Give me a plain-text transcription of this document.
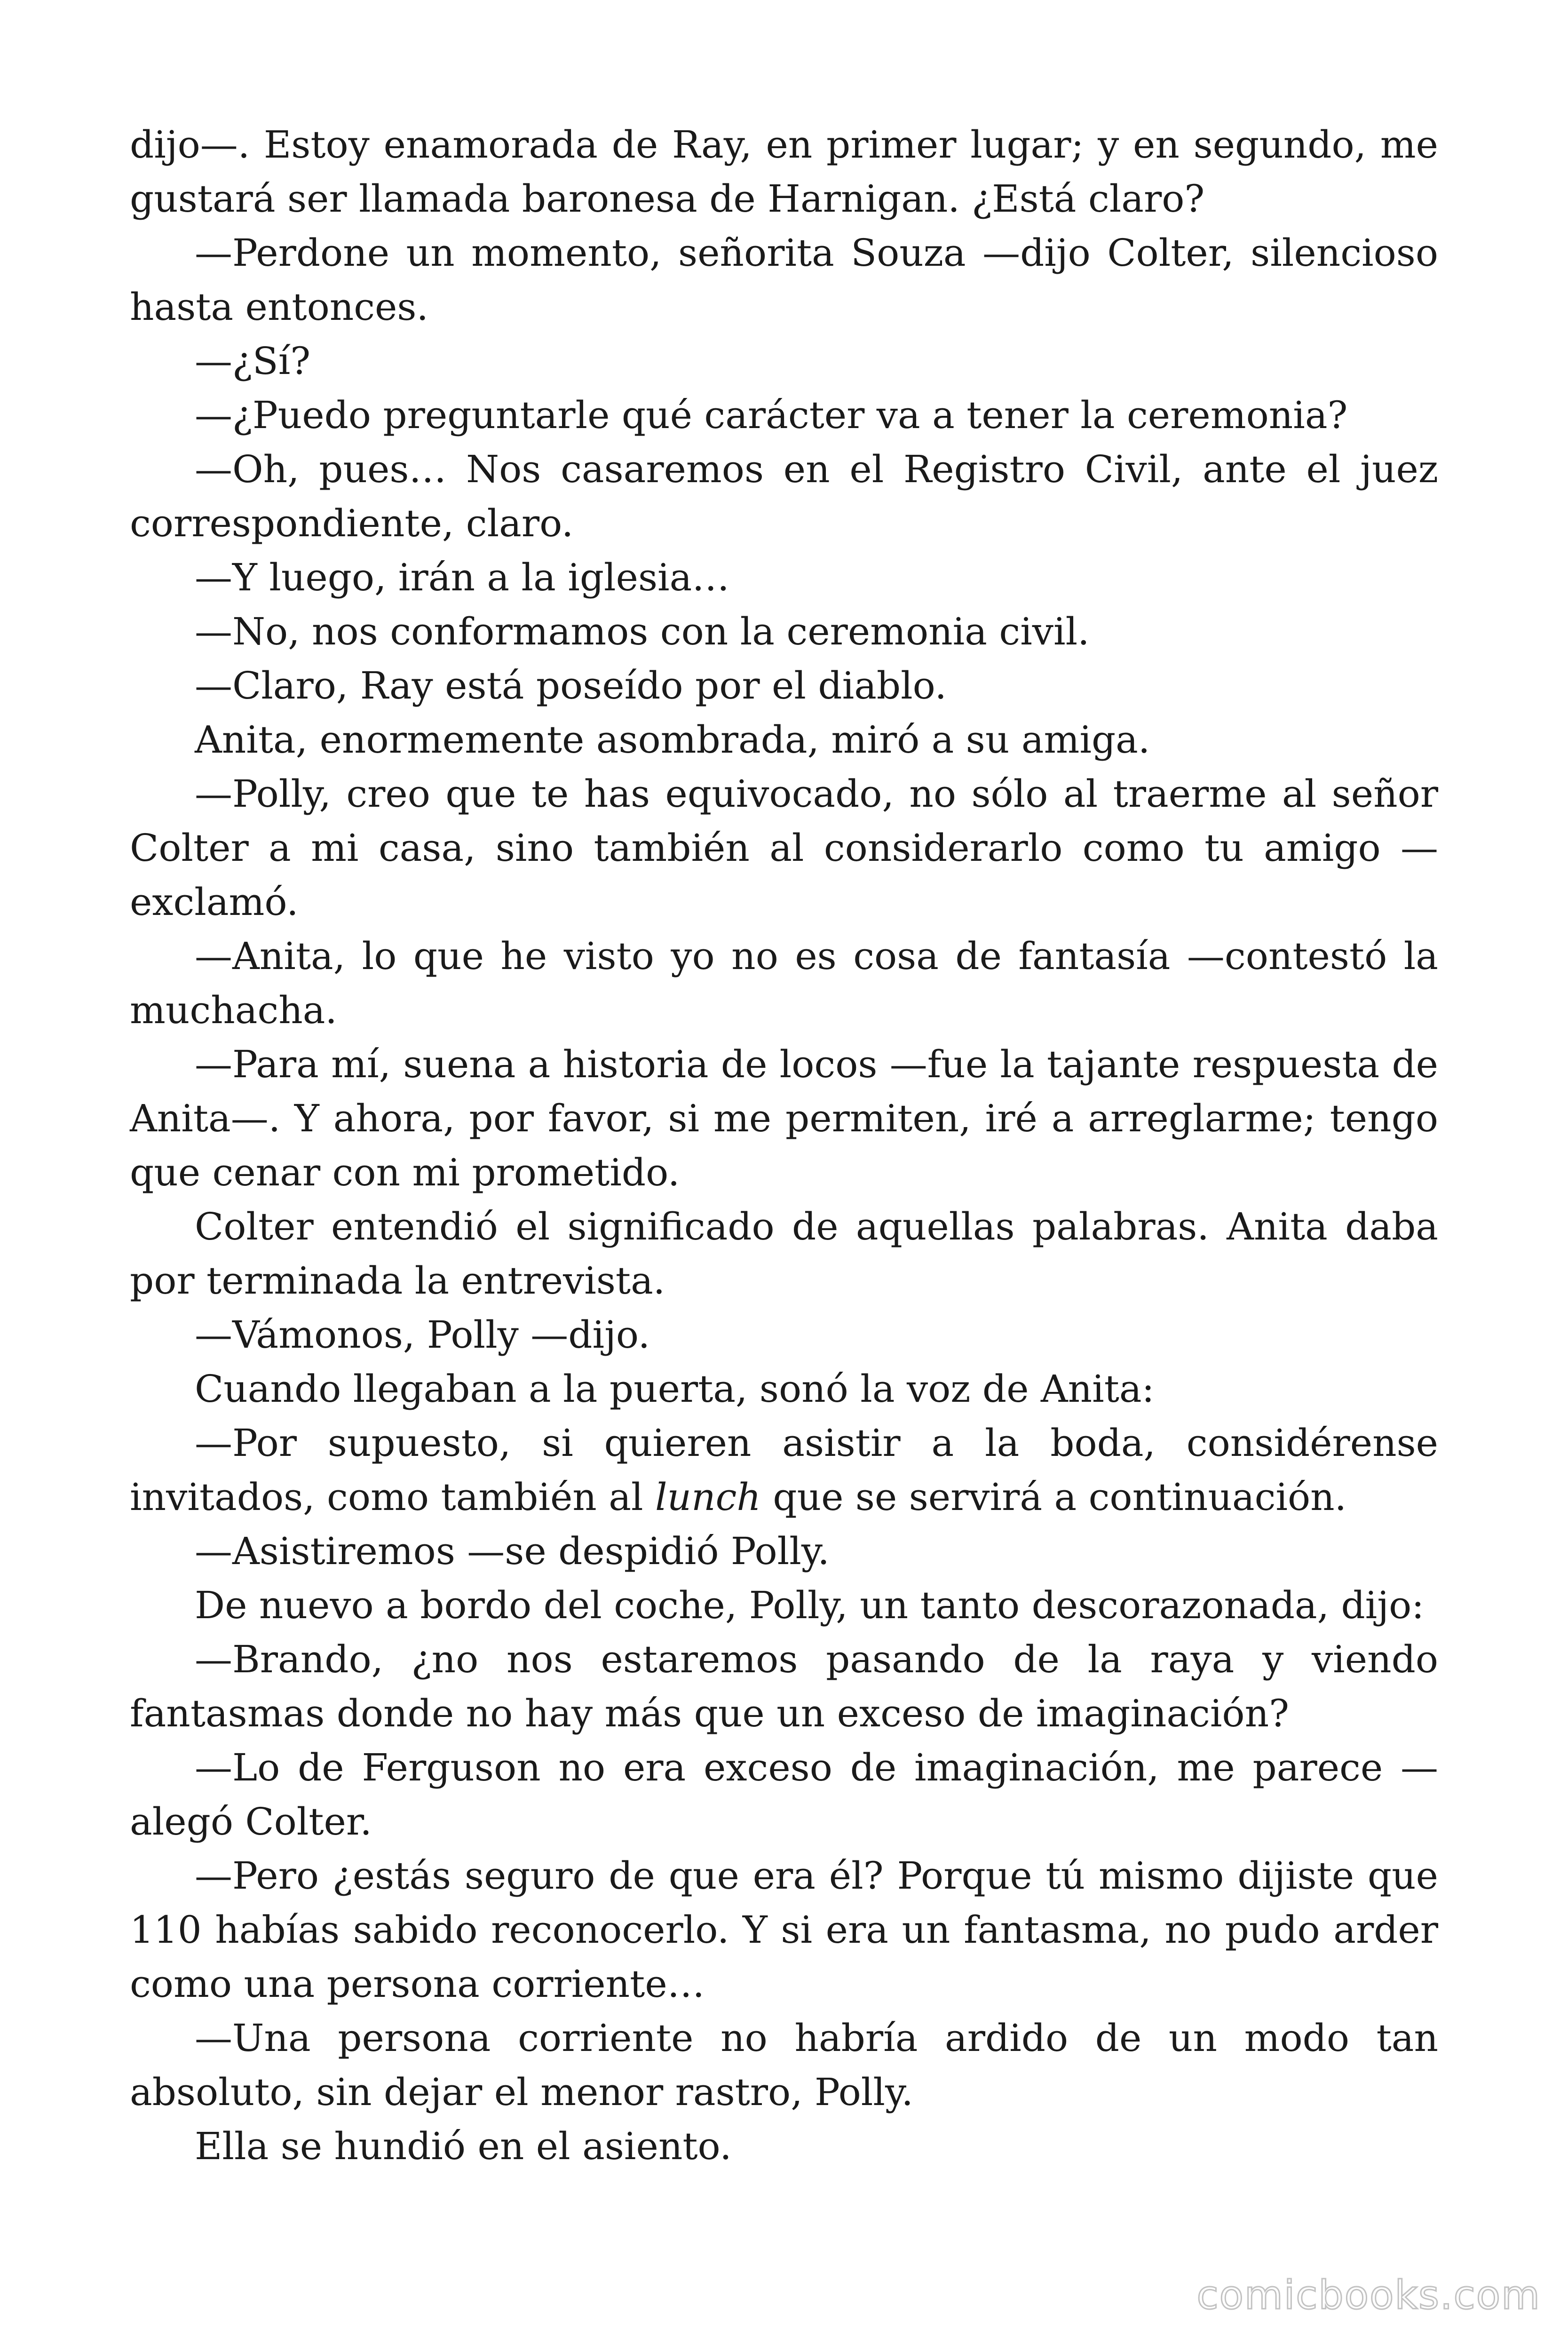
dijo—. Estoy enamorada de Ray, en primer lugar; y en segundo, me gustará ser llamada baronesa de Harnigan. ¿Está claro?

—Perdone un momento, señorita Souza —dijo Colter, silencioso hasta entonces.

—¿Sí?

—¿Puedo preguntarle qué carácter va a tener la ceremonia?

—Oh, pues… Nos casaremos en el Registro Civil, ante el juez correspondiente, claro.

—Y luego, irán a la iglesia…

—No, nos conformamos con la ceremonia civil.

—Claro, Ray está poseído por el diablo.

Anita, enormemente asombrada, miró a su amiga.

—Polly, creo que te has equivocado, no sólo al traerme al señor Colter a mi casa, sino también al considerarlo como tu amigo — exclamó.

—Anita, lo que he visto yo no es cosa de fantasía —contestó la muchacha.

—Para mí, suena a historia de locos —fue la tajante respuesta de Anita—. Y ahora, por favor, si me permiten, iré a arreglarme; tengo que cenar con mi prometido.

Colter entendió el significado de aquellas palabras. Anita daba por terminada la entrevista.

—Vámonos, Polly —dijo.

Cuando llegaban a la puerta, sonó la voz de Anita:

—Por supuesto, si quieren asistir a la boda, considérense invitados, como también al lunch que se servirá a continuación.

—Asistiremos —se despidió Polly.

De nuevo a bordo del coche, Polly, un tanto descorazonada, dijo:

—Brando, ¿no nos estaremos pasando de la raya y viendo fantasmas donde no hay más que un exceso de imaginación?

—Lo de Ferguson no era exceso de imaginación, me parece — alegó Colter.

—Pero ¿estás seguro de que era él? Porque tú mismo dijiste que 110 habías sabido reconocerlo. Y si era un fantasma, no pudo arder como una persona corriente…

—Una persona corriente no habría ardido de un modo tan absoluto, sin dejar el menor rastro, Polly.

Ella se hundió en el asiento.

comicbooks.com
